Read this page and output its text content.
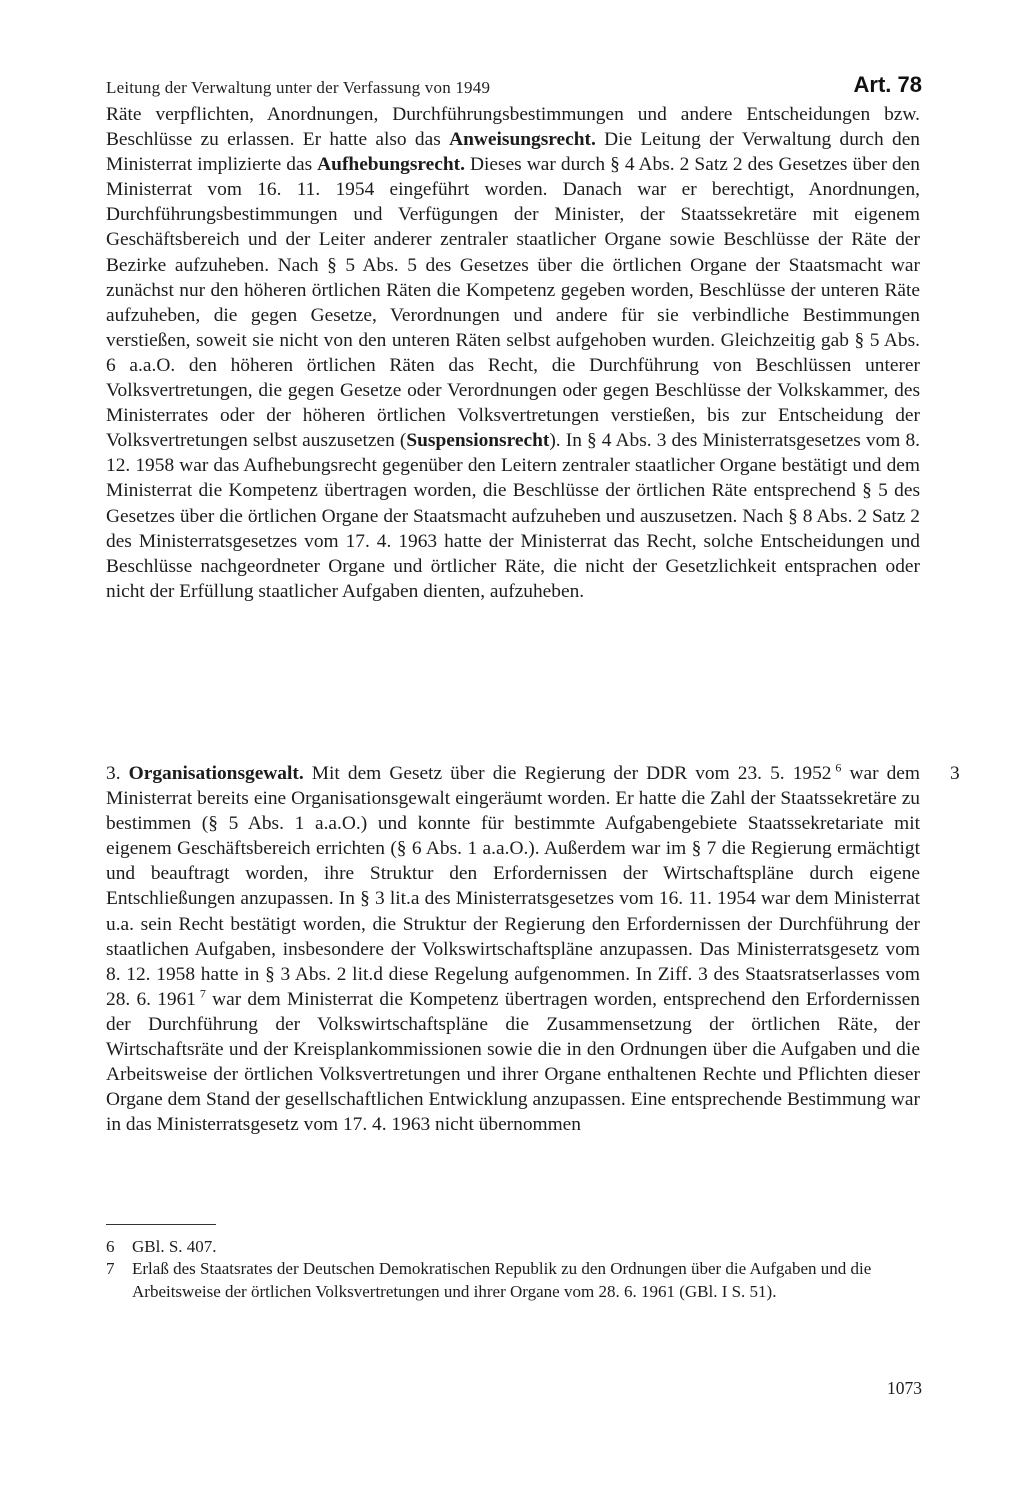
Leitung der Verwaltung unter der Verfassung von 1949	Art. 78

Räte verpflichten, Anordnungen, Durchführungsbestimmungen und andere Entscheidungen bzw. Beschlüsse zu erlassen. Er hatte also das Anweisungsrecht. Die Leitung der Verwaltung durch den Ministerrat implizierte das Aufhebungsrecht. Dieses war durch § 4 Abs. 2 Satz 2 des Gesetzes über den Ministerrat vom 16. 11. 1954 eingeführt worden. Danach war er berechtigt, Anordnungen, Durchführungsbestimmungen und Verfügungen der Minister, der Staatssekretäre mit eigenem Geschäftsbereich und der Leiter anderer zentraler staatlicher Organe sowie Beschlüsse der Räte der Bezirke aufzuheben. Nach § 5 Abs. 5 des Gesetzes über die örtlichen Organe der Staatsmacht war zunächst nur den höheren örtlichen Räten die Kompetenz gegeben worden, Beschlüsse der unteren Räte aufzuheben, die gegen Gesetze, Verordnungen und andere für sie verbindliche Bestimmungen verstießen, soweit sie nicht von den unteren Räten selbst aufgehoben wurden. Gleichzeitig gab § 5 Abs. 6 a.a.O. den höheren örtlichen Räten das Recht, die Durchführung von Beschlüssen unterer Volksvertretungen, die gegen Gesetze oder Verordnungen oder gegen Beschlüsse der Volkskammer, des Ministerrates oder der höheren örtlichen Volksvertretungen verstießen, bis zur Entscheidung der Volksvertretungen selbst auszusetzen (Suspensionsrecht). In § 4 Abs. 3 des Ministerratsgesetzes vom 8. 12. 1958 war das Aufhebungsrecht gegenüber den Leitern zentraler staatlicher Organe bestätigt und dem Ministerrat die Kompetenz übertragen worden, die Beschlüsse der örtlichen Räte entsprechend § 5 des Gesetzes über die örtlichen Organe der Staatsmacht aufzuheben und auszusetzen. Nach § 8 Abs. 2 Satz 2 des Ministerratsgesetzes vom 17. 4. 1963 hatte der Ministerrat das Recht, solche Entscheidungen und Beschlüsse nachgeordneter Organe und örtlicher Räte, die nicht der Gesetzlichkeit entsprachen oder nicht der Erfüllung staatlicher Aufgaben dienten, aufzuheben.

3. Organisationsgewalt. Mit dem Gesetz über die Regierung der DDR vom 23. 5. 1952  $^6$ war dem Ministerrat bereits eine Organisationsgewalt eingeräumt worden. Er hatte die Zahl der Staatssekretäre zu bestimmen (§ 5 Abs. 1 a.a.O.) und konnte für bestimmte Aufgabengebiete Staatssekretariate mit eigenem Geschäftsbereich errichten (§ 6 Abs. 1 a.a.O.). Außerdem war im § 7 die Regierung ermächtigt und beauftragt worden, ihre Struktur den Erfordernissen der Wirtschaftspläne durch eigene Entschließungen anzupassen. In § 3 lit.a des Ministerratsgesetzes vom 16. 11. 1954 war dem Ministerrat u.a. sein Recht bestätigt worden, die Struktur der Regierung den Erfordernissen der Durchführung der staatlichen Aufgaben, insbesondere der Volkswirtschaftspläne anzupassen. Das Ministerratsgesetz vom 8. 12. 1958 hatte in § 3 Abs. 2 lit.d diese Regelung aufgenommen. In Ziff. 3 des Staatsratserlasses vom 28. 6. 1961  $^7$ war dem Ministerrat die Kompetenz übertragen worden, entsprechend den Erfordernissen der Durchführung der Volkswirtschaftspläne die Zusammensetzung der örtlichen Räte, der Wirtschaftsräte und der Kreisplankommissionen sowie die in den Ordnungen über die Aufgaben und die Arbeitsweise der örtlichen Volksvertretungen und ihrer Organe enthaltenen Rechte und Pflichten dieser Organe dem Stand der gesellschaftlichen Entwicklung anzupassen. Eine entsprechende Bestimmung war in das Ministerratsgesetz vom 17. 4. 1963 nicht übernommen

3
6	GBl. S. 407.
7	Erlaß des Staatsrates der Deutschen Demokratischen Republik zu den Ordnungen über die Aufgaben und die Arbeitsweise der örtlichen Volksvertretungen und ihrer Organe vom 28. 6. 1961 (GBl. I S. 51).
1073
